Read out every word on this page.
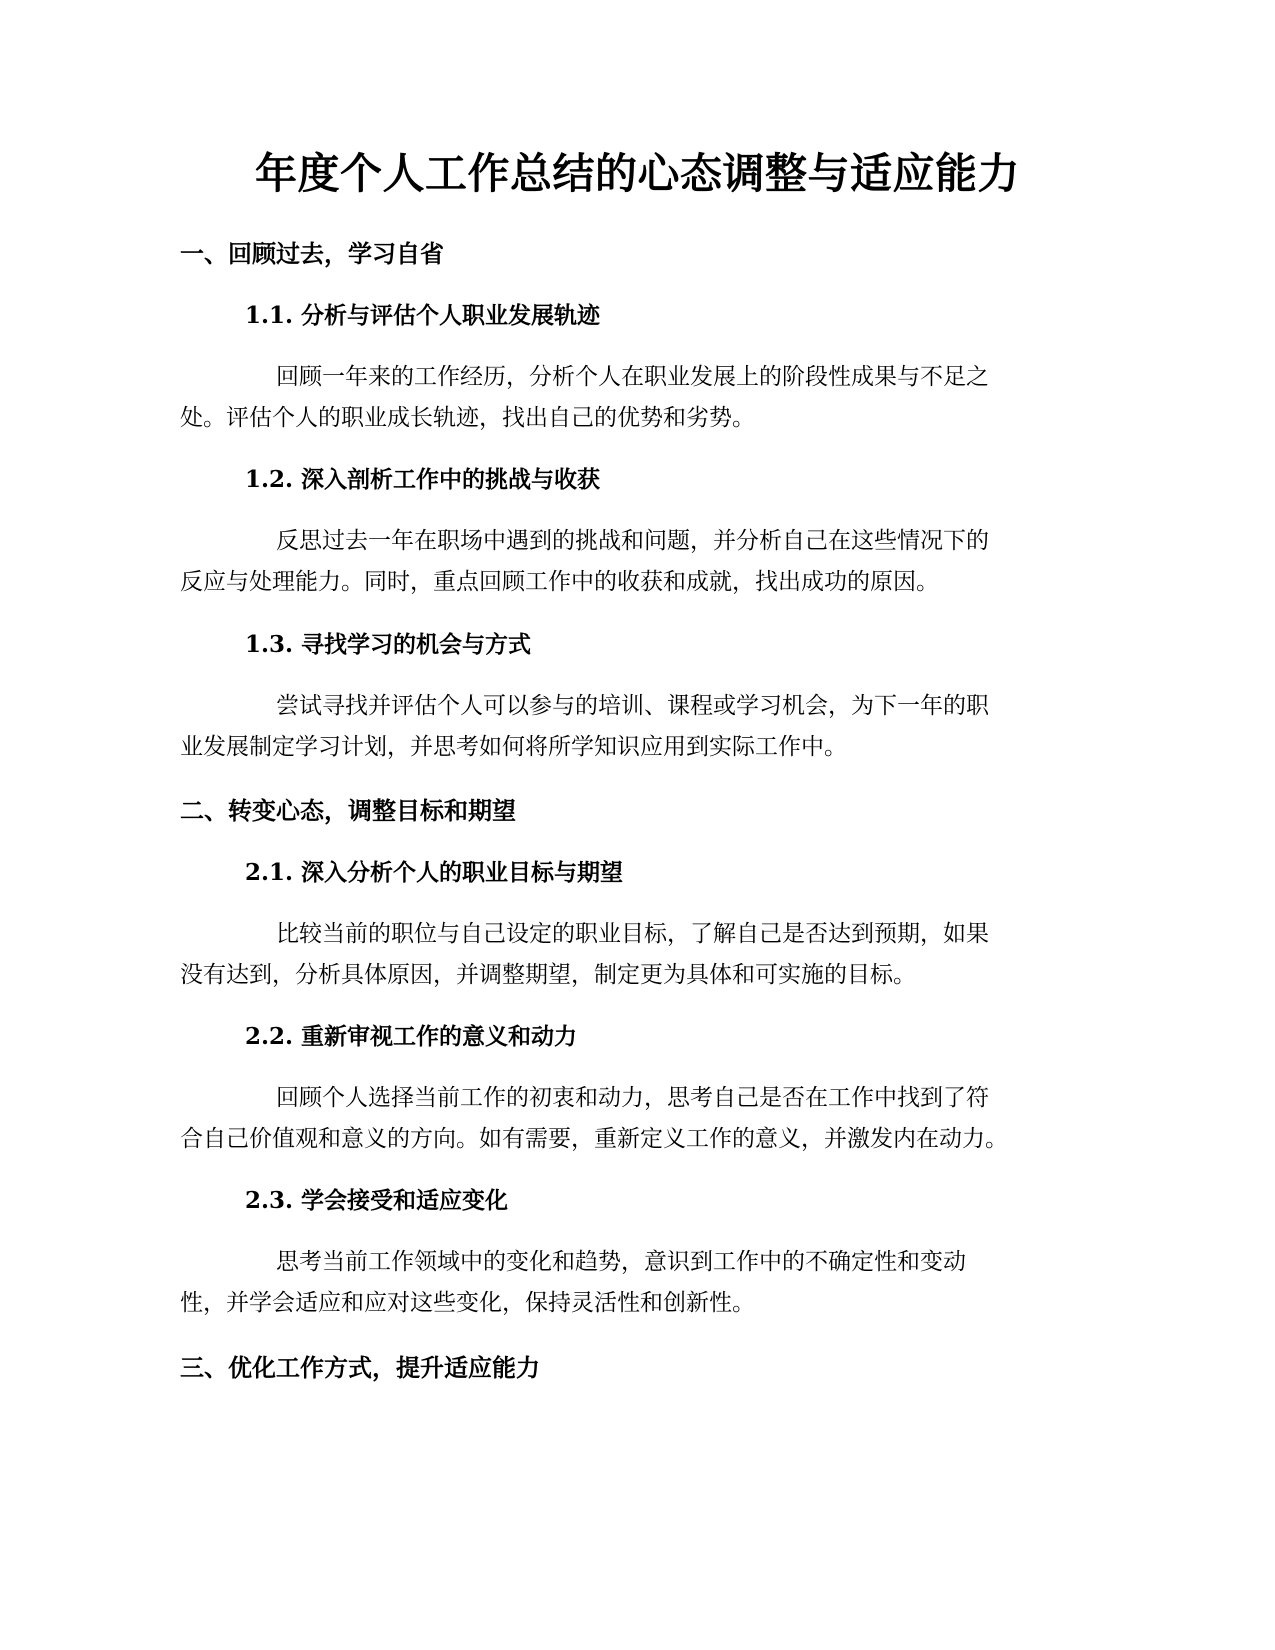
年度个人工作总结的心态调整与适应能力
一、回顾过去，学习自省
1.1. 分析与评估个人职业发展轨迹

回顾一年来的工作经历，分析个人在职业发展上的阶段性成果与不足之
处。评估个人的职业成长轨迹，找出自己的优势和劣势。

1.2. 深入剖析工作中的挑战与收获

反思过去一年在职场中遇到的挑战和问题，并分析自己在这些情况下的
反应与处理能力。同时，重点回顾工作中的收获和成就，找出成功的原因。

1.3. 寻找学习的机会与方式

尝试寻找并评估个人可以参与的培训、课程或学习机会，为下一年的职
业发展制定学习计划，并思考如何将所学知识应用到实际工作中。

二、转变心态，调整目标和期望
2.1. 深入分析个人的职业目标与期望

比较当前的职位与自己设定的职业目标，了解自己是否达到预期，如果
没有达到，分析具体原因，并调整期望，制定更为具体和可实施的目标。

2.2. 重新审视工作的意义和动力

回顾个人选择当前工作的初衷和动力，思考自己是否在工作中找到了符
合自己价值观和意义的方向。如有需要，重新定义工作的意义，并激发内在动力。

2.3. 学会接受和适应变化

思考当前工作领域中的变化和趋势，意识到工作中的不确定性和变动
性，并学会适应和应对这些变化，保持灵活性和创新性。

三、优化工作方式，提升适应能力
